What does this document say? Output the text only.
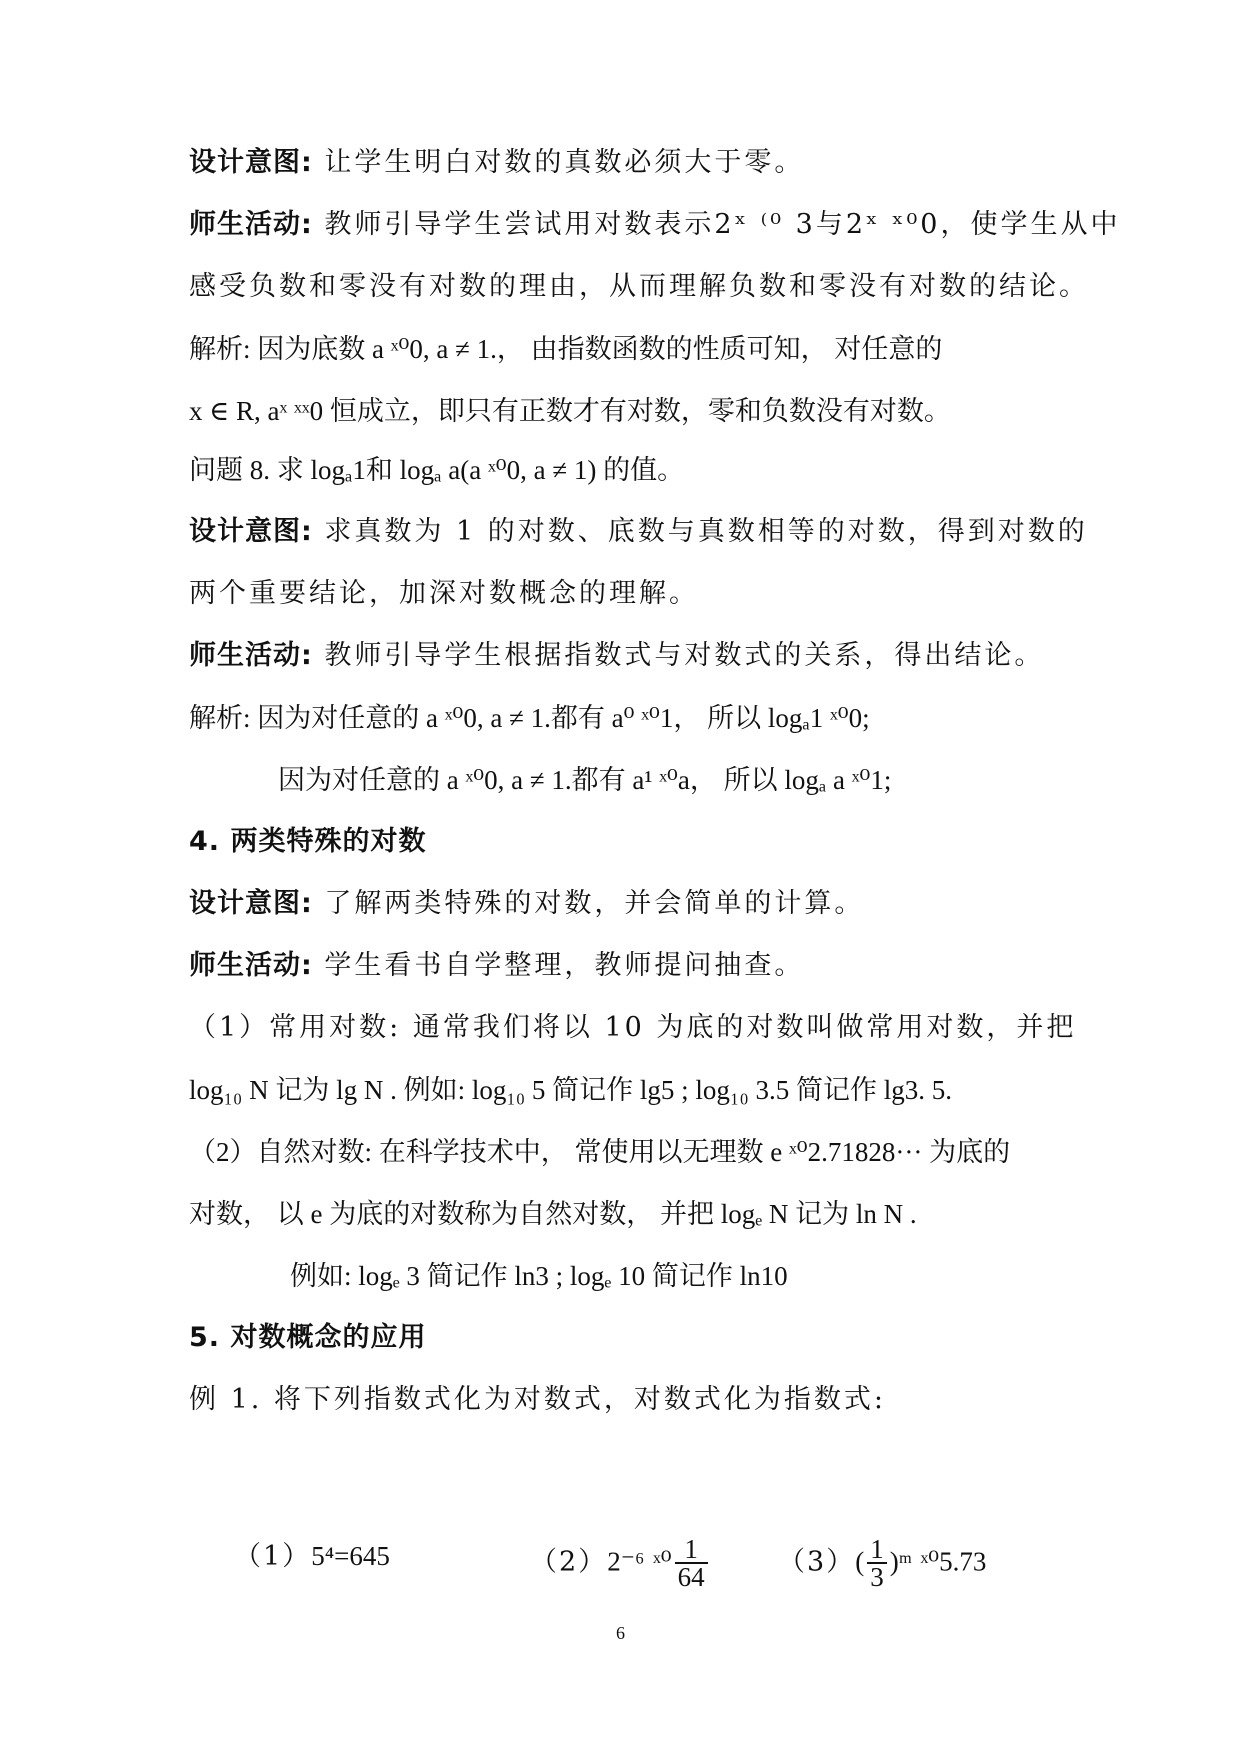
设计意图: 让学生明白对数的真数必须大于零。
师生活动: 教师引导学生尝试用对数表示2ˣ ⁽⁰ 3与2ˣ ˣ⁰0，使学生从中
感受负数和零没有对数的理由，从而理解负数和零没有对数的结论。
解析: 因为底数 a ˣ⁰0, a ≠ 1.， 由指数函数的性质可知， 对任意的
x ∈ R, aˣ ˣˣ0 恒成立，即只有正数才有对数，零和负数没有对数。
问题 8. 求 logₐ1和 logₐ a(a ˣ⁰0, a ≠ 1) 的值。
设计意图: 求真数为 1 的对数、底数与真数相等的对数，得到对数的
两个重要结论，加深对数概念的理解。
师生活动: 教师引导学生根据指数式与对数式的关系，得出结论。
解析: 因为对任意的 a ˣ⁰0, a ≠ 1.都有 a⁰ ˣ⁰1， 所以 logₐ1 ˣ⁰0;
因为对任意的 a ˣ⁰0, a ≠ 1.都有 a¹ ˣ⁰a， 所以 logₐ a ˣ⁰1;
4. 两类特殊的对数
设计意图: 了解两类特殊的对数，并会简单的计算。
师生活动: 学生看书自学整理，教师提问抽查。
（1）常用对数: 通常我们将以 10 为底的对数叫做常用对数，并把
log₁₀ N 记为 lg N . 例如: log₁₀ 5 简记作 lg5 ; log₁₀ 3.5 简记作 lg3. 5.
（2）自然对数: 在科学技术中， 常使用以无理数 e ˣ⁰2.71828··· 为底的
对数， 以 e 为底的对数称为自然对数， 并把 logₑ N 记为 ln N .
例如: logₑ 3 简记作 ln3 ; logₑ 10 简记作 ln10
5. 对数概念的应用
例 1. 将下列指数式化为对数式，对数式化为指数式:
（1）5⁴=645	（2）2⁻⁶ ˣ⁰ $\frac{1}{64}$	$(3)( \frac{1}{3}$ )ᵐ ˣ⁰5.73
6
